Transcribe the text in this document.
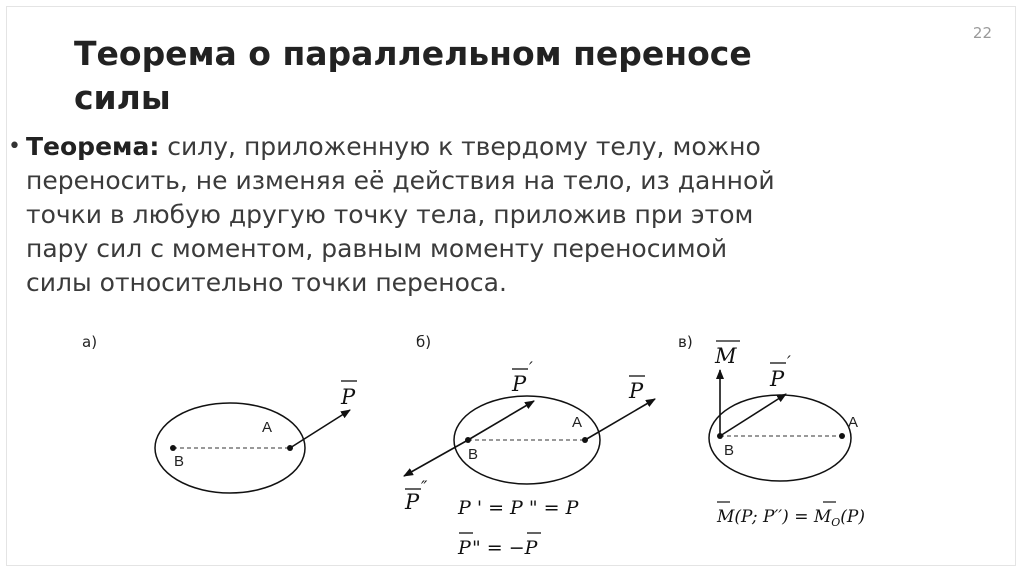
22
Теорема о параллельном переносе
силы
• Теорема: силу, приложенную к твердому телу, можно
переносить, не изменяя её действия на тело, из данной
точки в любую другую точку тела, приложив при этом
пару сил с моментом, равным моменту переносимой
силы относительно точки переноса.
а)	б)	в)
A
B
P
A
B
P
P
′
P
″
P ' = P " = P
P " = −P
A
B
M
P
′
M(P; $P'') = M_O(P)$
